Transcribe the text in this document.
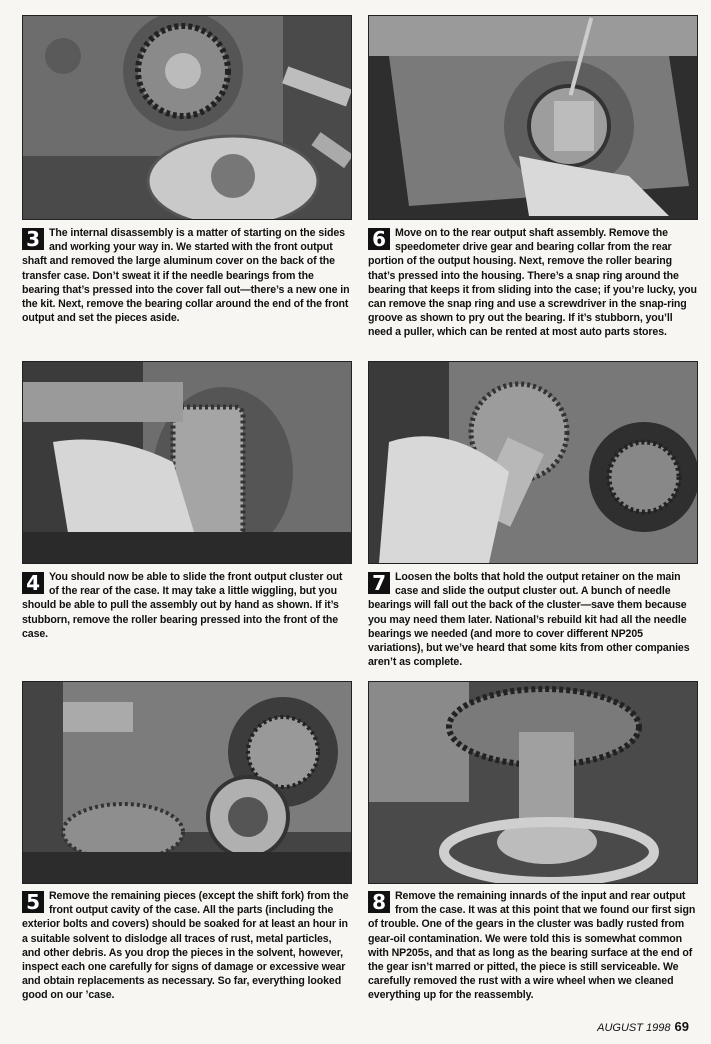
3 The internal disassembly is a matter of starting on the sides and working your way in. We started with the front output shaft and removed the large aluminum cover on the back of the transfer case. Don’t sweat it if the needle bearings from the bearing that’s pressed into the cover fall out—there’s a new one in the kit. Next, remove the bearing collar around the end of the front output and set the pieces aside.
6 Move on to the rear output shaft assembly. Remove the speedometer drive gear and bearing collar from the rear portion of the output housing. Next, remove the roller bearing that’s pressed into the housing. There’s a snap ring around the bearing that keeps it from sliding into the case; if you’re lucky, you can remove the snap ring and use a screwdriver in the snap-ring groove as shown to pry out the bearing. If it’s stubborn, you’ll need a puller, which can be rented at most auto parts stores.
4 You should now be able to slide the front output cluster out of the rear of the case. It may take a little wiggling, but you should be able to pull the assembly out by hand as shown. If it’s stubborn, remove the roller bearing pressed into the front of the case.
7 Loosen the bolts that hold the output retainer on the main case and slide the output cluster out. A bunch of needle bearings will fall out the back of the cluster—save them because you may need them later. National’s rebuild kit had all the needle bearings we needed (and more to cover different NP205 variations), but we’ve heard that some kits from other companies aren’t as complete.
5 Remove the remaining pieces (except the shift fork) from the front output cavity of the case. All the parts (including the exterior bolts and covers) should be soaked for at least an hour in a suitable solvent to dislodge all traces of rust, metal particles, and other debris. As you drop the pieces in the solvent, however, inspect each one carefully for signs of damage or excessive wear and obtain replacements as necessary. So far, everything looked good on our ’case.
8 Remove the remaining innards of the input and rear output from the case. It was at this point that we found our first sign of trouble. One of the gears in the cluster was badly rusted from gear-oil contamination. We were told this is somewhat common with NP205s, and that as long as the bearing surface at the end of the gear isn’t marred or pitted, the piece is still serviceable. We carefully removed the rust with a wire wheel when we cleaned everything up for the reassembly.
AUGUST 1998 69
